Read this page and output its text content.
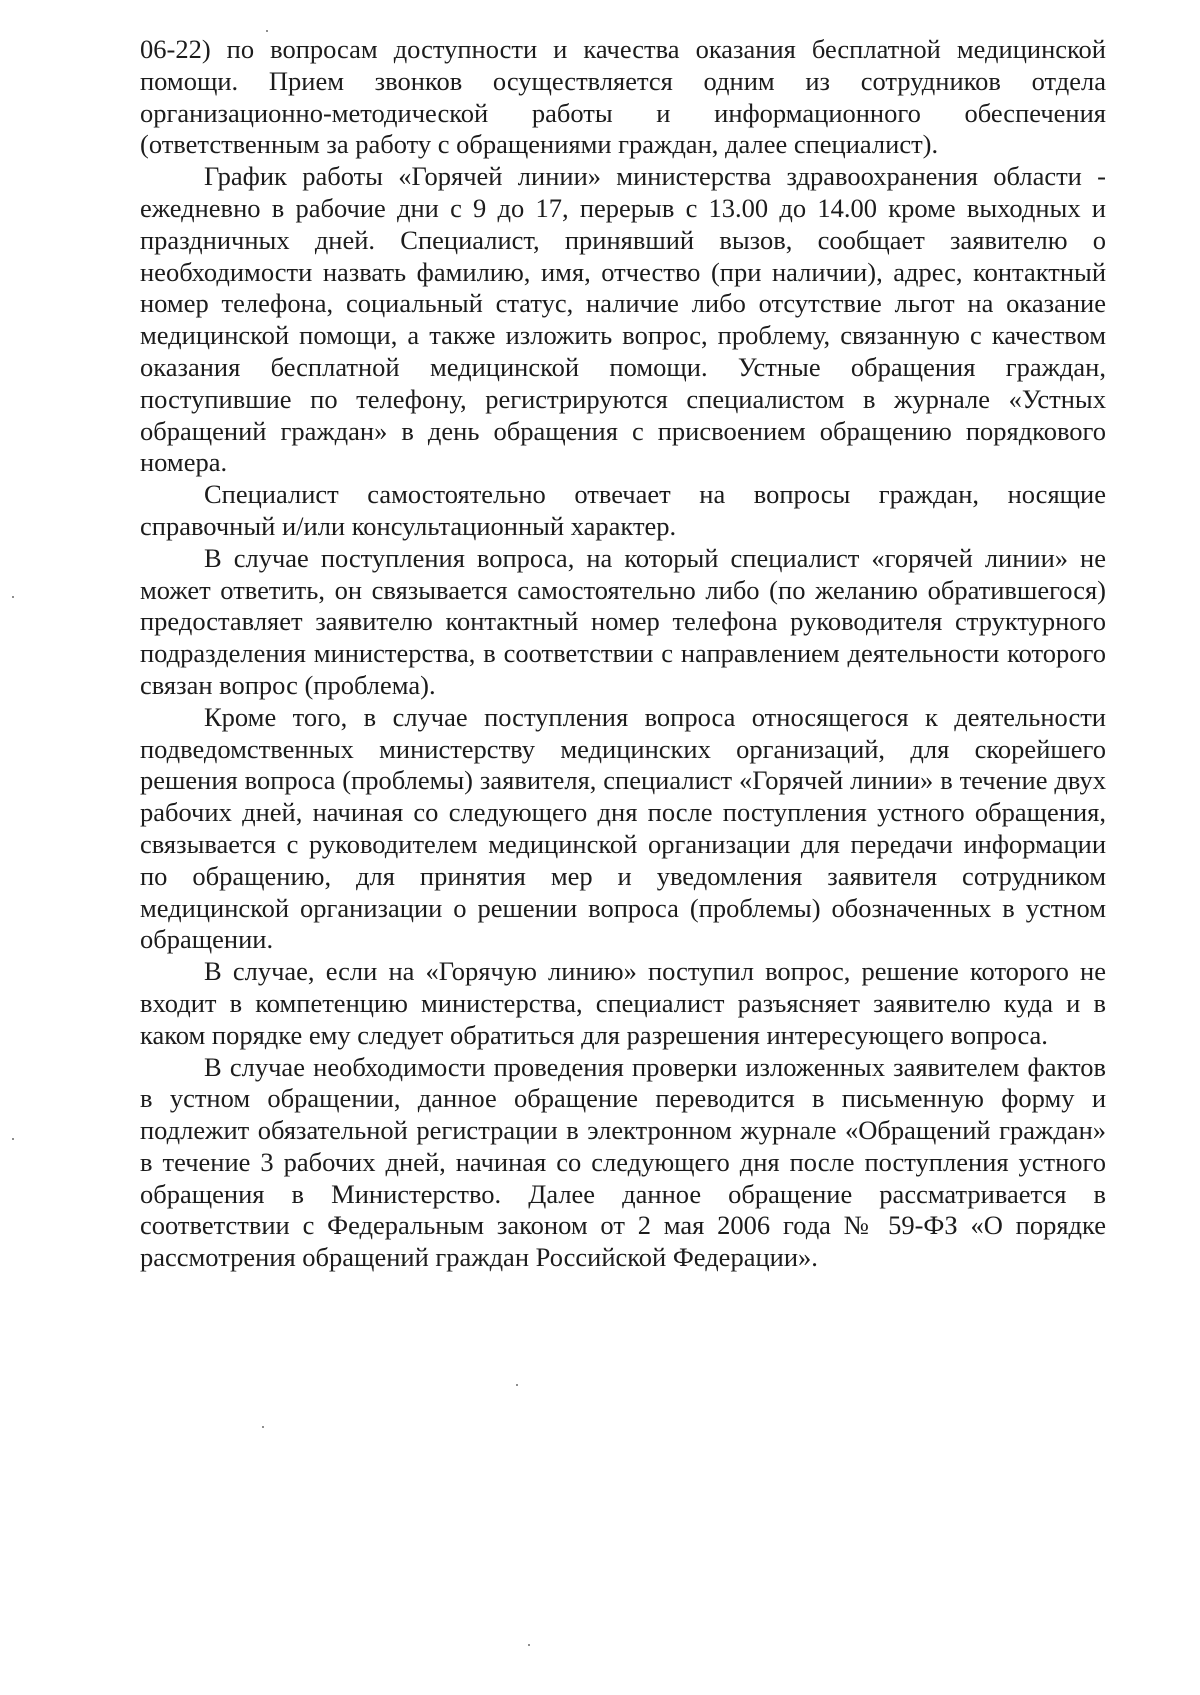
06-22) по вопросам доступности и качества оказания бесплатной медицинской помощи. Прием звонков осуществляется одним из сотрудников отдела организационно-методической работы и информационного обеспечения (ответственным за работу с обращениями граждан, далее специалист).

График работы «Горячей линии» министерства здравоохранения области - ежедневно в рабочие дни с 9 до 17, перерыв с 13.00 до 14.00 кроме выходных и праздничных дней. Специалист, принявший вызов, сообщает заявителю о необходимости назвать фамилию, имя, отчество (при наличии), адрес, контактный номер телефона, социальный статус, наличие либо отсутствие льгот на оказание медицинской помощи, а также изложить вопрос, проблему, связанную с качеством оказания бесплатной медицинской помощи. Устные обращения граждан, поступившие по телефону, регистрируются специалистом в журнале «Устных обращений граждан» в день обращения с присвоением обращению порядкового номера.

Специалист самостоятельно отвечает на вопросы граждан, носящие справочный и/или консультационный характер.

В случае поступления вопроса, на который специалист «горячей линии» не может ответить, он связывается самостоятельно либо (по желанию обратившегося) предоставляет заявителю контактный номер телефона руководителя структурного подразделения министерства, в соответствии с направлением деятельности которого связан вопрос (проблема).

Кроме того, в случае поступления вопроса относящегося к деятельности подведомственных министерству медицинских организаций, для скорейшего решения вопроса (проблемы) заявителя, специалист «Горячей линии» в течение двух рабочих дней, начиная со следующего дня после поступления устного обращения, связывается с руководителем медицинской организации для передачи информации по обращению, для принятия мер и уведомления заявителя сотрудником медицинской организации о решении вопроса (проблемы) обозначенных в устном обращении.

В случае, если на «Горячую линию» поступил вопрос, решение которого не входит в компетенцию министерства, специалист разъясняет заявителю куда и в каком порядке ему следует обратиться для разрешения интересующего вопроса.

В случае необходимости проведения проверки изложенных заявителем фактов в устном обращении, данное обращение переводится в письменную форму и подлежит обязательной регистрации в электронном журнале «Обращений граждан» в течение 3 рабочих дней, начиная со следующего дня после поступления устного обращения в Министерство. Далее данное обращение рассматривается в соответствии с Федеральным законом от 2 мая 2006 года № 59-ФЗ «О порядке рассмотрения обращений граждан Российской Федерации».
